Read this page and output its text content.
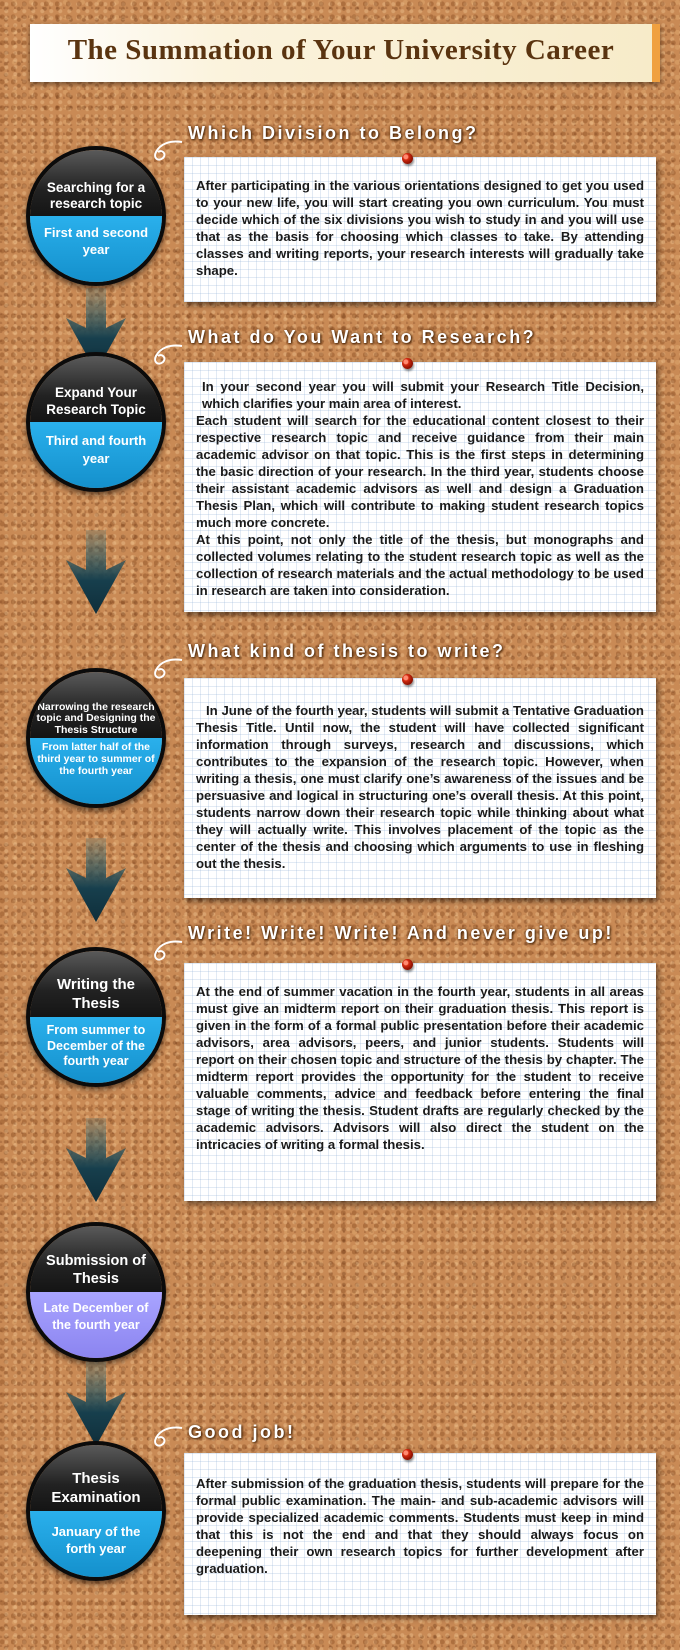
The Summation of Your University Career
Which Division to Belong?
Searching for a research topic
First and second year

After participating in the various orientations designed to get you used to your new life, you will start creating you own curriculum. You must decide which of the six divisions you wish to study in and you will use that as the basis for choosing which classes to take. By attending classes and writing reports, your research interests will gradually take shape.

What do You Want to Research?
Expand Your Research Topic
Third and fourth year

In your second year you will submit your Research Title Decision, which clarifies your main area of interest.

Each student will search for the educational content closest to their respective research topic and receive guidance from their main academic advisor on that topic. This is the first steps in determining the basic direction of your research. In the third year, students choose their assistant academic advisors as well and design a Graduation Thesis Plan, which will contribute to making student research topics much more concrete.

At this point, not only the title of the thesis, but monographs and collected volumes relating to the student research topic as well as the collection of research materials and the actual methodology to be used in research are taken into consideration.

What kind of thesis to write?
Narrowing the research topic and Designing the Thesis Structure
From latter half of the third year to summer of the fourth year

In June of the fourth year, students will submit a Tentative Graduation Thesis Title. Until now, the student will have collected significant information through surveys, research and discussions, which contributes to the expansion of the research topic. However, when writing a thesis, one must clarify one’s awareness of the issues and be persuasive and logical in structuring one’s overall thesis. At this point, students narrow down their research topic while thinking about what they will actually write. This involves placement of the topic as the center of the thesis and choosing which arguments to use in fleshing out the thesis.

Write! Write! Write! And never give up!
Writing the Thesis
From summer to December of the fourth year

At the end of summer vacation in the fourth year, students in all areas must give an midterm report on their graduation thesis. This report is given in the form of a formal public presentation before their academic advisors, area advisors, peers, and junior students. Students will report on their chosen topic and structure of the thesis by chapter. The midterm report provides the opportunity for the student to receive valuable comments, advice and feedback before entering the final stage of writing the thesis. Student drafts are regularly checked by the academic advisors. Advisors will also direct the student on the intricacies of writing a formal thesis.

Submission of Thesis
Late December of the fourth year
Good job!
Thesis Examination
January of the forth year

After submission of the graduation thesis, students will prepare for the formal public examination. The main- and sub-academic advisors will provide specialized academic comments. Students must keep in mind that this is not the end and that they should always focus on deepening their own research topics for further development after graduation.
